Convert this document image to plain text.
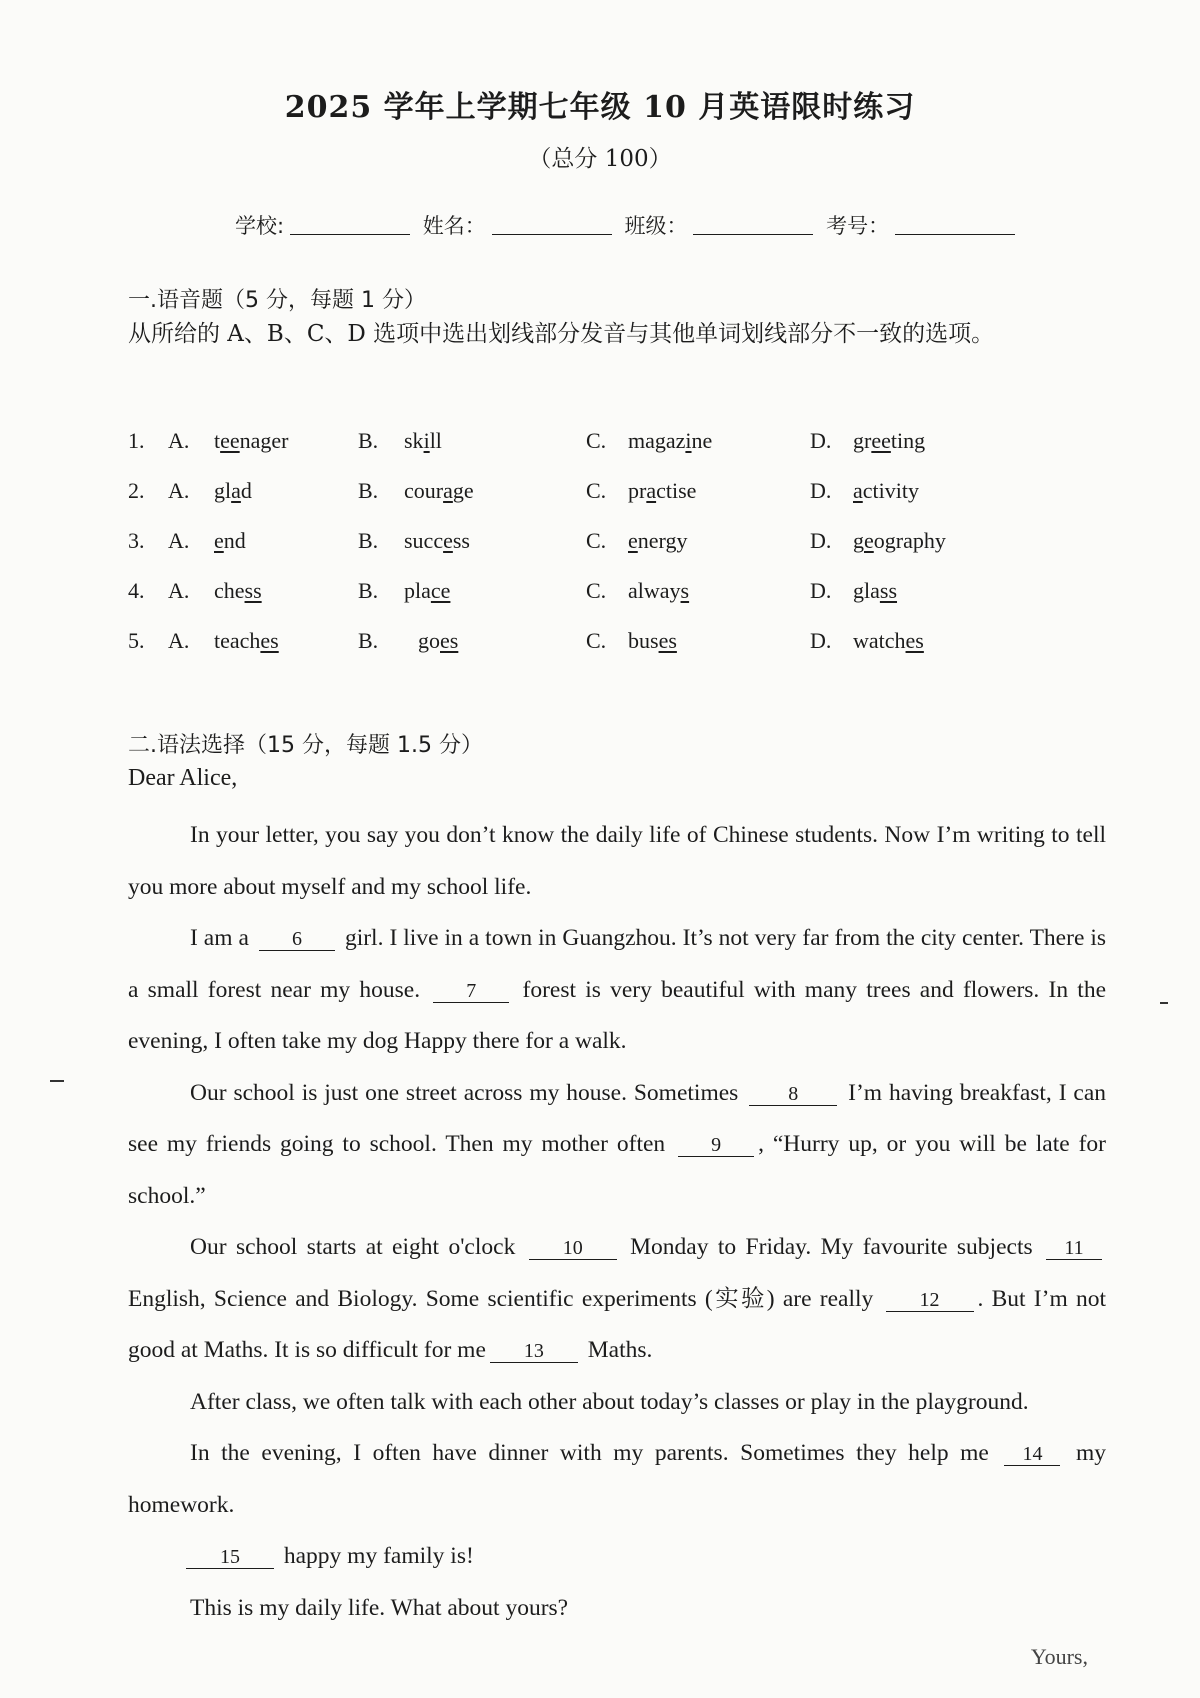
2025 学年上学期七年级 10 月英语限时练习
（总分 100）
学校:	姓名：	班级：	考号：
一.语音题（5 分，每题 1 分）
从所给的 A、B、C、D 选项中选出划线部分发音与其他单词划线部分不一致的选项。
1. A. teenager	B. skill	C. magazine	D. greeting
2. A. glad	B. courage	C. practise	D. activity
3. A. end	B. success	C. energy	D. geography
4. A. chess	B. place	C. always	D. glass
5. A. teaches	B. goes	C. buses	D. watches
二.语法选择（15 分，每题 1.5 分）
Dear Alice,

In your letter, you say you don’t know the daily life of Chinese students. Now I’m writing to tell you more about myself and my school life.

I am a 6 girl. I live in a town in Guangzhou. It’s not very far from the city center. There is a small forest near my house. 7 forest is very beautiful with many trees and flowers. In the evening, I often take my dog Happy there for a walk.

Our school is just one street across my house. Sometimes 8 I’m having breakfast, I can see my friends going to school. Then my mother often 9 , “Hurry up, or you will be late for school.”

Our school starts at eight o'clock 10 Monday to Friday. My favourite subjects 11 English, Science and Biology. Some scientific experiments (实验) are really 12 . But I’m not good at Maths. It is so difficult for me 13 Maths.

After class, we often talk with each other about today’s classes or play in the playground.

In the evening, I often have dinner with my parents. Sometimes they help me 14 my homework.

15 happy my family is!

This is my daily life. What about yours?

Yours,
